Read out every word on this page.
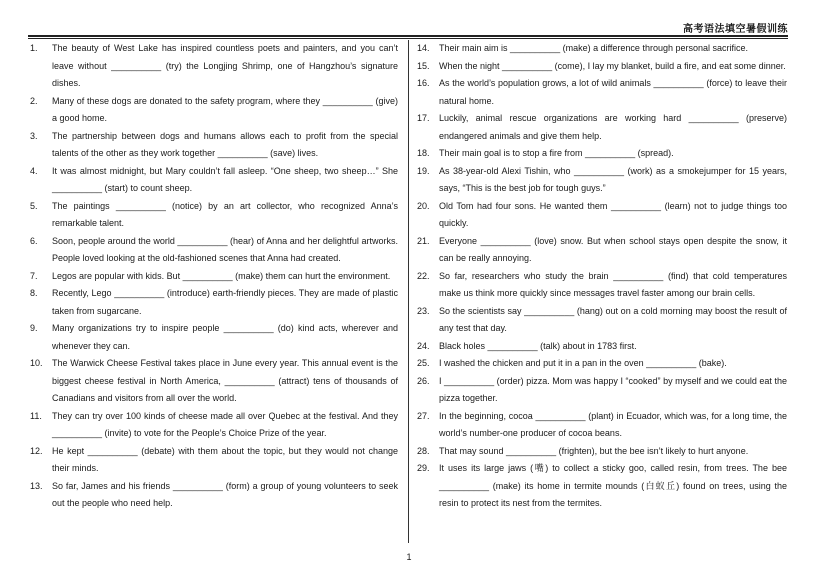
高考语法填空暑假训练
1.	The beauty of West Lake has inspired countless poets and painters, and you can’t leave without __________ (try) the Longjing Shrimp, one of Hangzhou’s signature dishes.
2.	Many of these dogs are donated to the safety program, where they __________ (give) a good home.
3.	The partnership between dogs and humans allows each to profit from the special talents of the other as they work together __________ (save) lives.
4.	It was almost midnight, but Mary couldn’t fall asleep. “One sheep, two sheep…” She __________ (start) to count sheep.
5.	The paintings __________ (notice) by an art collector, who recognized Anna’s remarkable talent.
6.	Soon, people around the world __________ (hear) of Anna and her delightful artworks. People loved looking at the old-fashioned scenes that Anna had created.
7.	Legos are popular with kids. But __________ (make) them can hurt the environment.
8.	Recently, Lego __________ (introduce) earth-friendly pieces. They are made of plastic taken from sugarcane.
9.	Many organizations try to inspire people __________ (do) kind acts, wherever and whenever they can.
10.	The Warwick Cheese Festival takes place in June every year. This annual event is the biggest cheese festival in North America, __________ (attract) tens of thousands of Canadians and visitors from all over the world.
11.	They can try over 100 kinds of cheese made all over Quebec at the festival. And they __________ (invite) to vote for the People’s Choice Prize of the year.
12.	He kept __________ (debate) with them about the topic, but they would not change their minds.
13.	So far, James and his friends __________ (form) a group of young volunteers to seek out the people who need help.
14.	Their main aim is __________ (make) a difference through personal sacrifice.
15.	When the night __________ (come), I lay my blanket, build a fire, and eat some dinner.
16.	As the world’s population grows, a lot of wild animals __________ (force) to leave their natural home.
17.	Luckily, animal rescue organizations are working hard __________ (preserve) endangered animals and give them help.
18.	Their main goal is to stop a fire from __________ (spread).
19.	As 38-year-old Alexi Tishin, who __________ (work) as a smokejumper for 15 years, says, “This is the best job for tough guys.”
20.	Old Tom had four sons. He wanted them __________ (learn) not to judge things too quickly.
21.	Everyone __________ (love) snow. But when school stays open despite the snow, it can be really annoying.
22.	So far, researchers who study the brain __________ (find) that cold temperatures make us think more quickly since messages travel faster among our brain cells.
23.	So the scientists say __________ (hang) out on a cold morning may boost the result of any test that day.
24.	Black holes __________ (talk) about in 1783 first.
25.	I washed the chicken and put it in a pan in the oven __________ (bake).
26.	I __________ (order) pizza. Mom was happy I “cooked” by myself and we could eat the pizza together.
27.	In the beginning, cocoa __________ (plant) in Ecuador, which was, for a long time, the world’s number-one producer of cocoa beans.
28.	That may sound __________ (frighten), but the bee isn’t likely to hurt anyone.
29.	It uses its large jaws (嘴) to collect a sticky goo, called resin, from trees. The bee __________ (make) its home in termite mounds (白蚁丘) found on trees, using the resin to protect its nest from the termites.
1
